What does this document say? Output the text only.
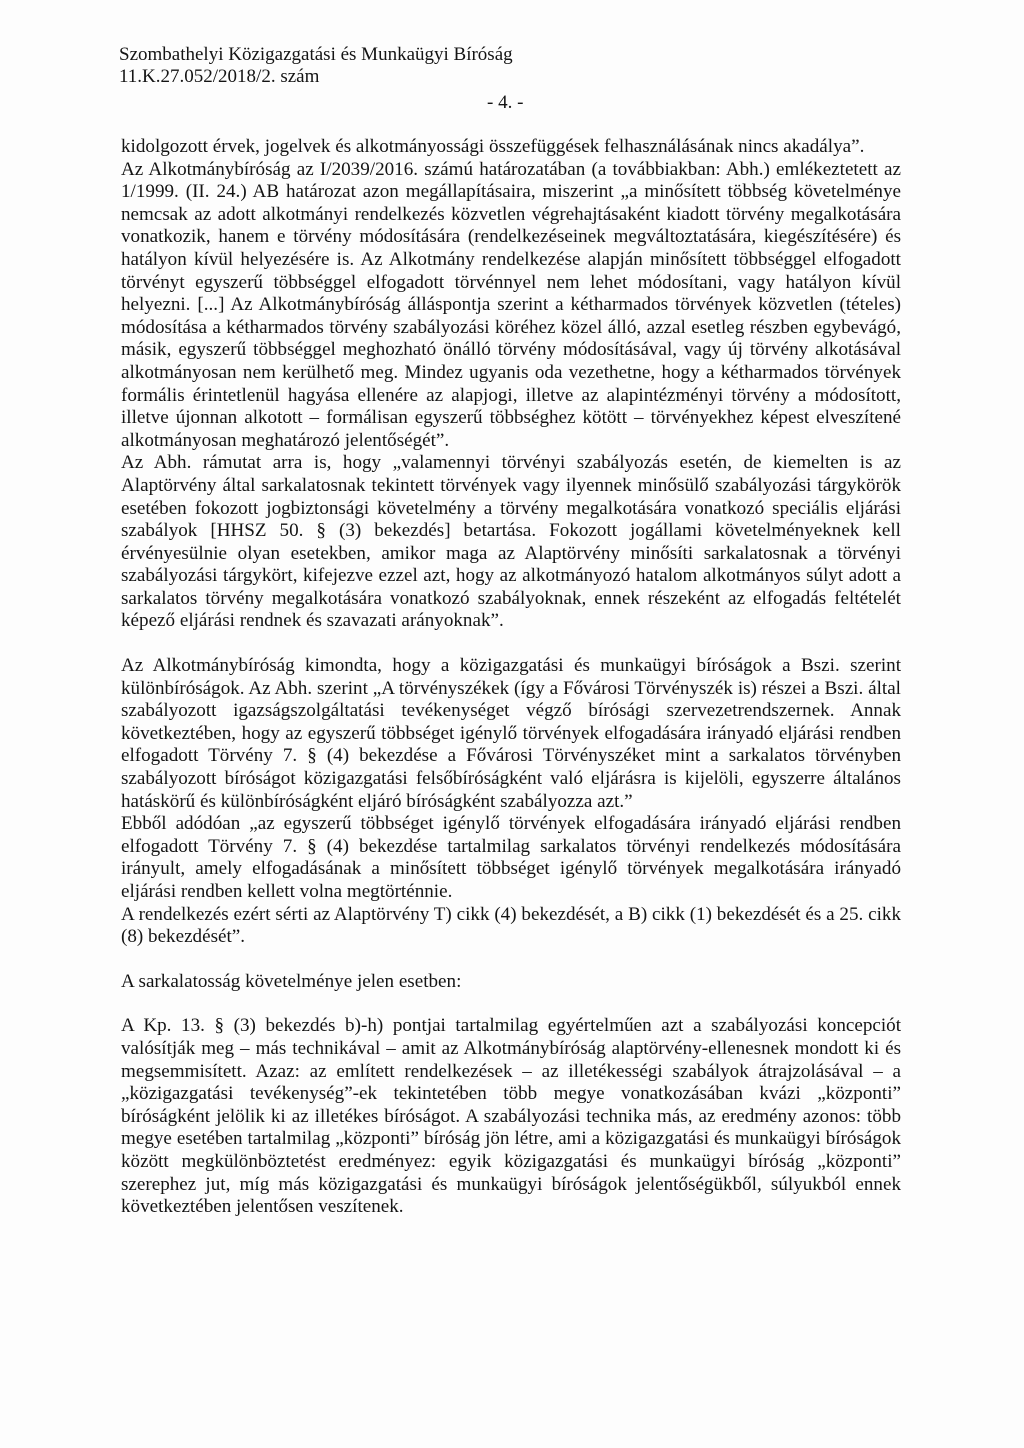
Szombathelyi Közigazgatási és Munkaügyi Bíróság
11.K.27.052/2018/2. szám
- 4. -

kidolgozott érvek, jogelvek és alkotmányossági összefüggések felhasználásának nincs akadálya”.

Az Alkotmánybíróság az I/2039/2016. számú határozatában (a továbbiakban: Abh.) emlékeztetett az 1/1999. (II. 24.) AB határozat azon megállapításaira, miszerint „a minősített többség követelménye nemcsak az adott alkotmányi rendelkezés közvetlen végrehajtásaként kiadott törvény megalkotására vonatkozik, hanem e törvény módosítására (rendelkezéseinek megváltoztatására, kiegészítésére) és hatályon kívül helyezésére is. Az Alkotmány rendelkezése alapján minősített többséggel elfogadott törvényt egyszerű többséggel elfogadott törvénnyel nem lehet módosítani, vagy hatályon kívül helyezni. [...] Az Alkotmánybíróság álláspontja szerint a kétharmados törvények közvetlen (tételes) módosítása a kétharmados törvény szabályozási köréhez közel álló, azzal esetleg részben egybevágó, másik, egyszerű többséggel meghozható önálló törvény módosításával, vagy új törvény alkotásával alkotmányosan nem kerülhető meg. Mindez ugyanis oda vezethetne, hogy a kétharmados törvények formális érintetlenül hagyása ellenére az alapjogi, illetve az alapintézményi törvény a módosított, illetve újonnan alkotott – formálisan egyszerű többséghez kötött – törvényekhez képest elveszítené alkotmányosan meghatározó jelentőségét”.

Az Abh. rámutat arra is, hogy „valamennyi törvényi szabályozás esetén, de kiemelten is az Alaptörvény által sarkalatosnak tekintett törvények vagy ilyennek minősülő szabályozási tárgykörök esetében fokozott jogbiztonsági követelmény a törvény megalkotására vonatkozó speciális eljárási szabályok [HHSZ 50. § (3) bekezdés] betartása. Fokozott jogállami követelményeknek kell érvényesülnie olyan esetekben, amikor maga az Alaptörvény minősíti sarkalatosnak a törvényi szabályozási tárgykört, kifejezve ezzel azt, hogy az alkotmányozó hatalom alkotmányos súlyt adott a sarkalatos törvény megalkotására vonatkozó szabályoknak, ennek részeként az elfogadás feltételét képező eljárási rendnek és szavazati arányoknak”.

Az Alkotmánybíróság kimondta, hogy a közigazgatási és munkaügyi bíróságok a Bszi. szerint különbíróságok. Az Abh. szerint „A törvényszékek (így a Fővárosi Törvényszék is) részei a Bszi. által szabályozott igazságszolgáltatási tevékenységet végző bírósági szervezetrendszernek. Annak következtében, hogy az egyszerű többséget igénylő törvények elfogadására irányadó eljárási rendben elfogadott Törvény 7. § (4) bekezdése a Fővárosi Törvényszéket mint a sarkalatos törvényben szabályozott bíróságot közigazgatási felsőbíróságként való eljárásra is kijelöli, egyszerre általános hatáskörű és különbíróságként eljáró bíróságként szabályozza azt.”

Ebből adódóan „az egyszerű többséget igénylő törvények elfogadására irányadó eljárási rendben elfogadott Törvény 7. § (4) bekezdése tartalmilag sarkalatos törvényi rendelkezés módosítására irányult, amely elfogadásának a minősített többséget igénylő törvények megalkotására irányadó eljárási rendben kellett volna megtörténnie.

A rendelkezés ezért sérti az Alaptörvény T) cikk (4) bekezdését, a B) cikk (1) bekezdését és a 25. cikk (8) bekezdését”.

A sarkalatosság követelménye jelen esetben:

A Kp. 13. § (3) bekezdés b)-h) pontjai tartalmilag egyértelműen azt a szabályozási koncepciót valósítják meg – más technikával – amit az Alkotmánybíróság alaptörvény-ellenesnek mondott ki és megsemmisített. Azaz: az említett rendelkezések – az illetékességi szabályok átrajzolásával – a „közigazgatási tevékenység”-ek tekintetében több megye vonatkozásában kvázi „központi” bíróságként jelölik ki az illetékes bíróságot. A szabályozási technika más, az eredmény azonos: több megye esetében tartalmilag „központi” bíróság jön létre, ami a közigazgatási és munkaügyi bíróságok között megkülönböztetést eredményez: egyik közigazgatási és munkaügyi bíróság „központi” szerephez jut, míg más közigazgatási és munkaügyi bíróságok jelentőségükből, súlyukból ennek következtében jelentősen veszítenek.
